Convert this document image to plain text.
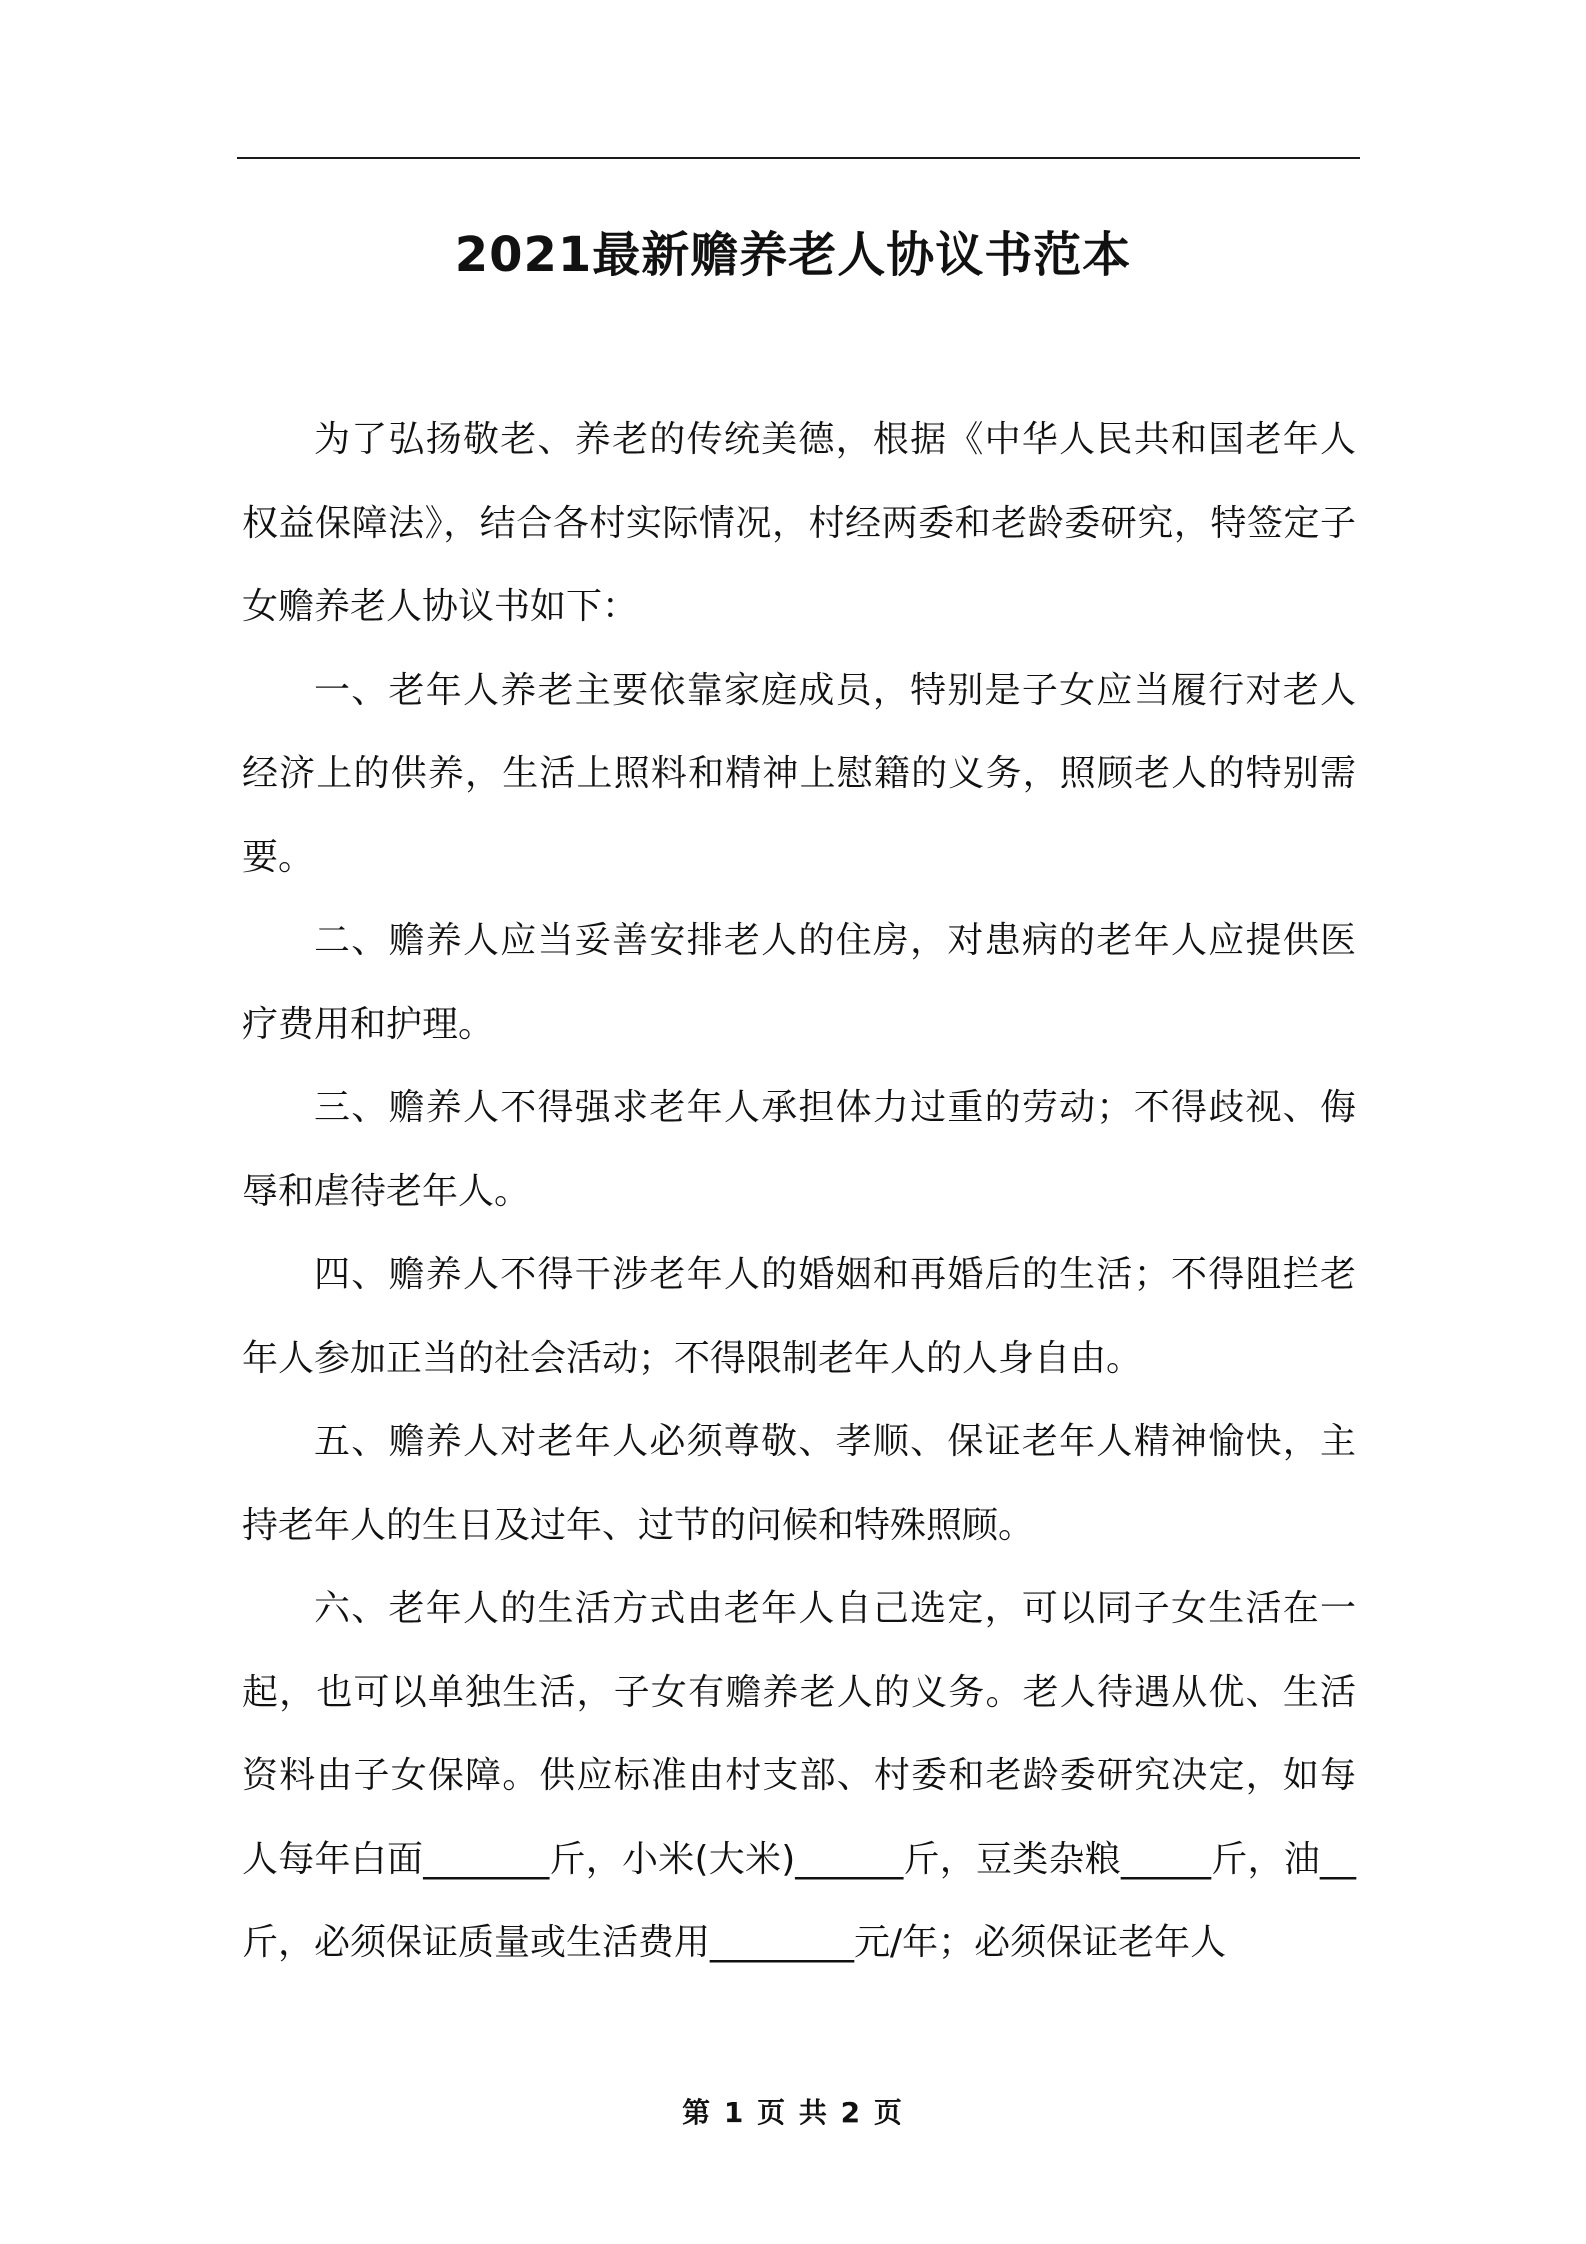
2021最新赡养老人协议书范本

为了弘扬敬老、养老的传统美德，根据《中华人民共和国老年人权益保障法》，结合各村实际情况，村经两委和老龄委研究，特签定子女赡养老人协议书如下：

一、老年人养老主要依靠家庭成员，特别是子女应当履行对老人经济上的供养，生活上照料和精神上慰籍的义务，照顾老人的特别需要。

二、赡养人应当妥善安排老人的住房，对患病的老年人应提供医疗费用和护理。

三、赡养人不得强求老年人承担体力过重的劳动；不得歧视、侮辱和虐待老年人。

四、赡养人不得干涉老年人的婚姻和再婚后的生活；不得阻拦老年人参加正当的社会活动；不得限制老年人的人身自由。

五、赡养人对老年人必须尊敬、孝顺、保证老年人精神愉快，主持老年人的生日及过年、过节的问候和特殊照顾。

六、老年人的生活方式由老年人自己选定，可以同子女生活在一起，也可以单独生活，子女有赡养老人的义务。老人待遇从优、生活资料由子女保障。供应标准由村支部、村委和老龄委研究决定，如每人每年白面_______斤，小米(大米)______斤，豆类杂粮_____斤，油__斤，必须保证质量或生活费用________元/年；必须保证老年人

第 1 页 共 2 页
